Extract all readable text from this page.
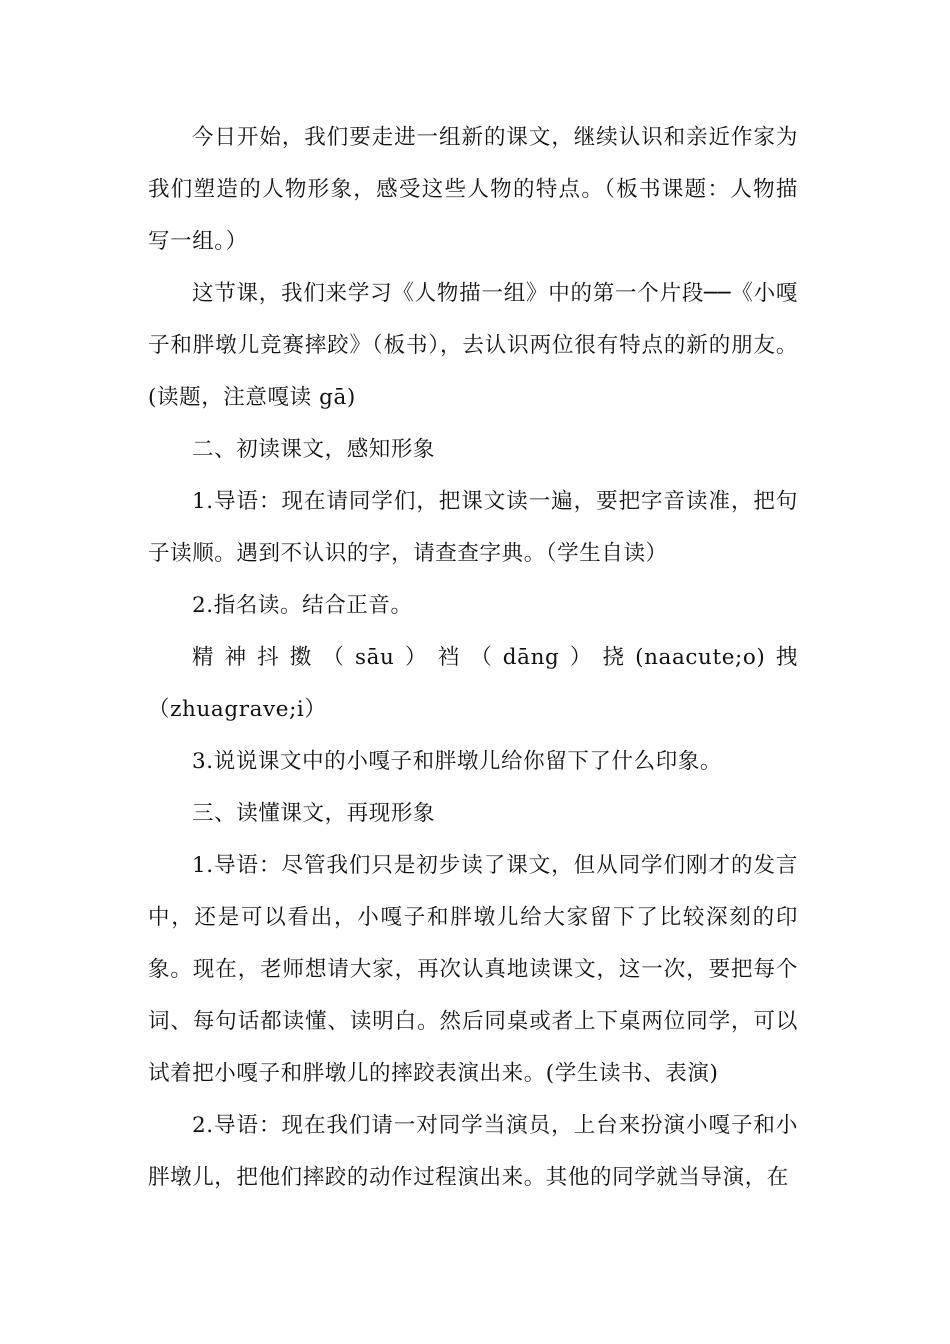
今日开始，我们要走进一组新的课文，继续认识和亲近作家为我们塑造的人物形象，感受这些人物的特点。（板书课题：人物描写一组。）

这节课，我们来学习《人物描一组》中的第一个片段──《小嘎子和胖墩儿竞赛摔跤》（板书），去认识两位很有特点的新的朋友。(读题，注意嘎读 gā)

二、初读课文，感知形象

1.导语：现在请同学们，把课文读一遍，要把字音读准，把句子读顺。遇到不认识的字，请查查字典。（学生自读）

2.指名读。结合正音。

精神抖擞（sāu）裆（dāng）挠(naacute;o)拽（zhuagrave;i）

3.说说课文中的小嘎子和胖墩儿给你留下了什么印象。

三、读懂课文，再现形象

1.导语：尽管我们只是初步读了课文，但从同学们刚才的发言中，还是可以看出，小嘎子和胖墩儿给大家留下了比较深刻的印象。现在，老师想请大家，再次认真地读课文，这一次，要把每个词、每句话都读懂、读明白。然后同桌或者上下桌两位同学，可以试着把小嘎子和胖墩儿的摔跤表演出来。(学生读书、表演)

2.导语：现在我们请一对同学当演员，上台来扮演小嘎子和小胖墩儿，把他们摔跤的动作过程演出来。其他的同学就当导演，在
